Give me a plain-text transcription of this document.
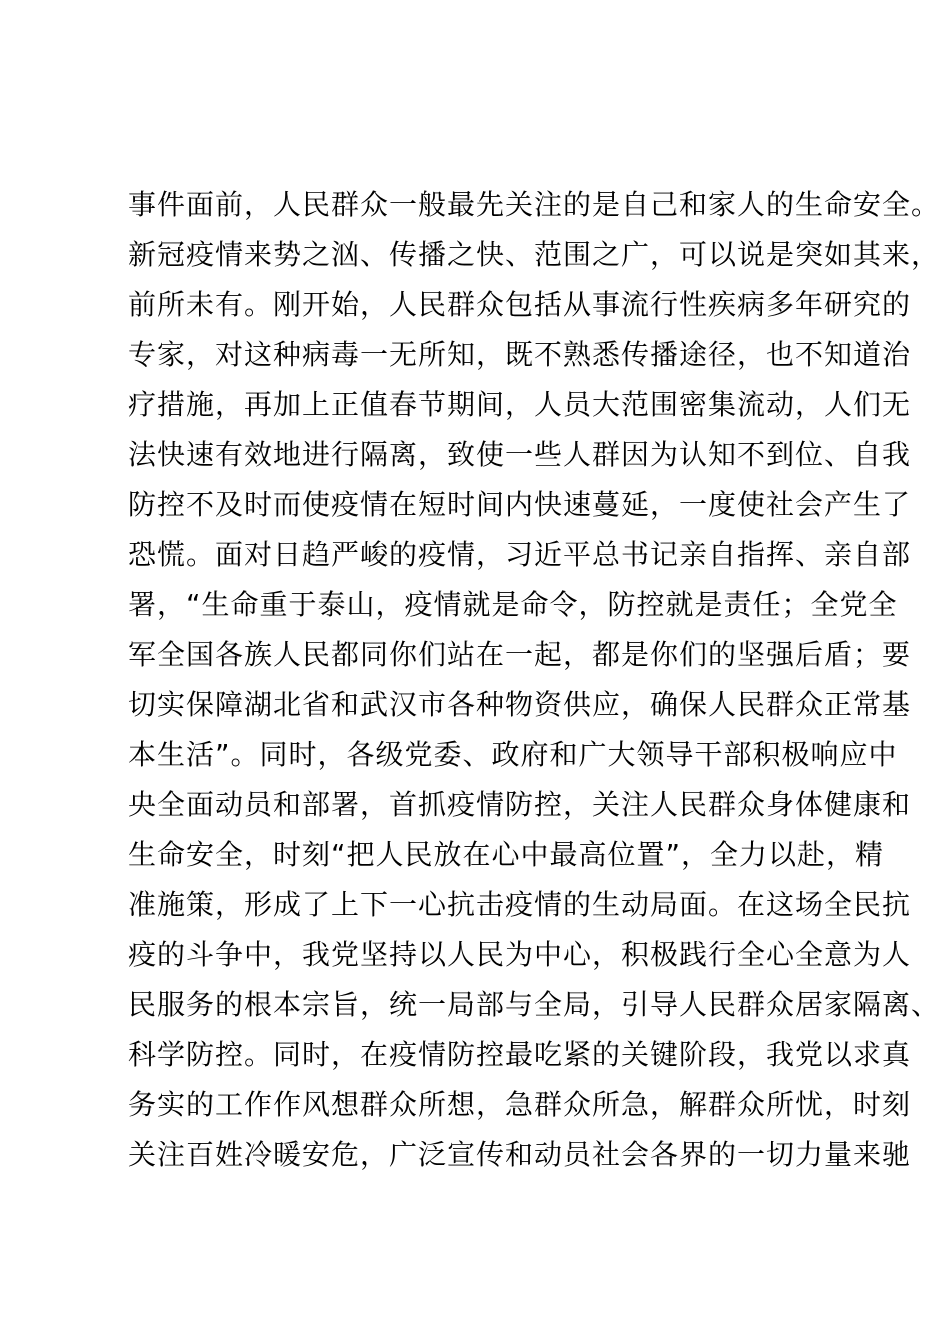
事件面前，人民群众一般最先关注的是自己和家人的生命安全。
新冠疫情来势之汹、传播之快、范围之广，可以说是突如其来，
前所未有。刚开始，人民群众包括从事流行性疾病多年研究的
专家，对这种病毒一无所知，既不熟悉传播途径，也不知道治
疗措施，再加上正值春节期间，人员大范围密集流动，人们无
法快速有效地进行隔离，致使一些人群因为认知不到位、自我
防控不及时而使疫情在短时间内快速蔓延，一度使社会产生了
恐慌。面对日趋严峻的疫情，习近平总书记亲自指挥、亲自部
署，“生命重于泰山，疫情就是命令，防控就是责任；全党全
军全国各族人民都同你们站在一起，都是你们的坚强后盾；要
切实保障湖北省和武汉市各种物资供应，确保人民群众正常基
本生活”。同时，各级党委、政府和广大领导干部积极响应中
央全面动员和部署，首抓疫情防控，关注人民群众身体健康和
生命安全，时刻“把人民放在心中最高位置”，全力以赴，精
准施策，形成了上下一心抗击疫情的生动局面。在这场全民抗
疫的斗争中，我党坚持以人民为中心，积极践行全心全意为人
民服务的根本宗旨，统一局部与全局，引导人民群众居家隔离、
科学防控。同时，在疫情防控最吃紧的关键阶段，我党以求真
务实的工作作风想群众所想，急群众所急，解群众所忧，时刻
关注百姓冷暖安危，广泛宣传和动员社会各界的一切力量来驰
